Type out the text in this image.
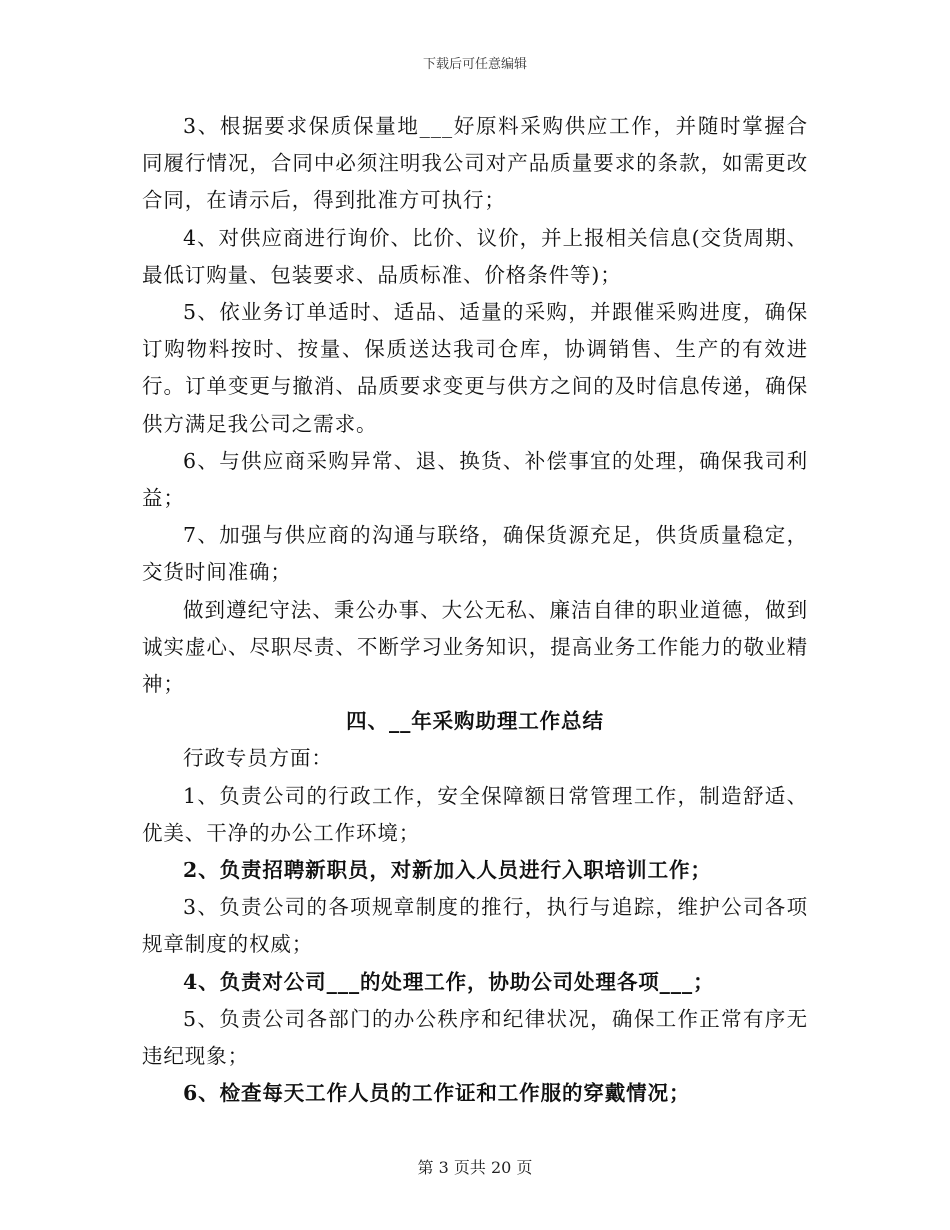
下载后可任意编辑

3、根据要求保质保量地___好原料采购供应工作，并随时掌握合同履行情况，合同中必须注明我公司对产品质量要求的条款，如需更改合同，在请示后，得到批准方可执行；

4、对供应商进行询价、比价、议价，并上报相关信息(交货周期、最低订购量、包装要求、品质标准、价格条件等)；

5、依业务订单适时、适品、适量的采购，并跟催采购进度，确保订购物料按时、按量、保质送达我司仓库，协调销售、生产的有效进行。订单变更与撤消、品质要求变更与供方之间的及时信息传递，确保供方满足我公司之需求。

6、与供应商采购异常、退、换货、补偿事宜的处理，确保我司利益；

7、加强与供应商的沟通与联络，确保货源充足，供货质量稳定，交货时间准确；

做到遵纪守法、秉公办事、大公无私、廉洁自律的职业道德，做到诚实虚心、尽职尽责、不断学习业务知识，提高业务工作能力的敬业精神；

四、__年采购助理工作总结

行政专员方面：

1、负责公司的行政工作，安全保障额日常管理工作，制造舒适、优美、干净的办公工作环境；

2、负责招聘新职员，对新加入人员进行入职培训工作；

3、负责公司的各项规章制度的推行，执行与追踪，维护公司各项规章制度的权威；

4、负责对公司___的处理工作，协助公司处理各项___；

5、负责公司各部门的办公秩序和纪律状况，确保工作正常有序无违纪现象；

6、检查每天工作人员的工作证和工作服的穿戴情况；

第 3 页共 20 页
